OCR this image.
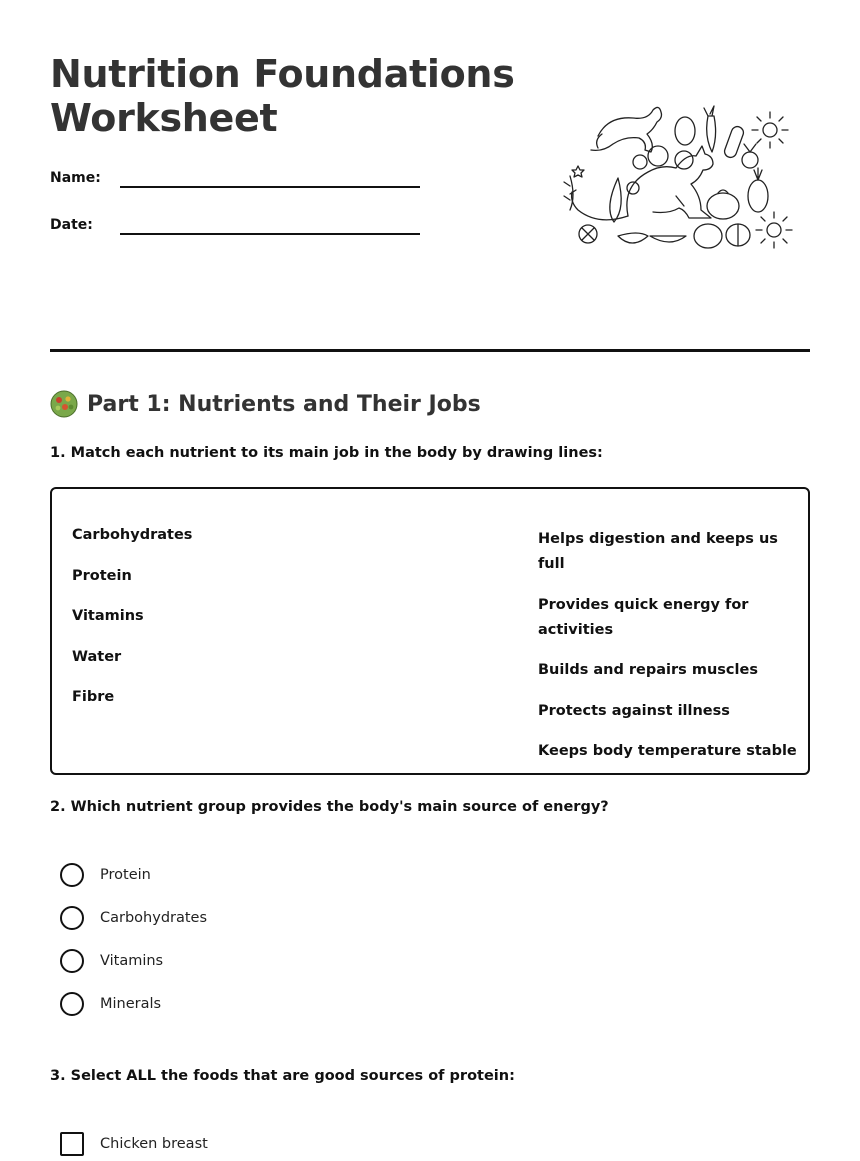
Nutrition Foundations Worksheet
Name:
Date:
Part 1: Nutrients and Their Jobs

1. Match each nutrient to its main job in the body by drawing lines:

Carbohydrates
Protein
Vitamins
Water
Fibre
Helps digestion and keeps us full
Provides quick energy for activities
Builds and repairs muscles
Protects against illness
Keeps body temperature stable

2. Which nutrient group provides the body's main source of energy?

Protein
Carbohydrates
Vitamins
Minerals

3. Select ALL the foods that are good sources of protein:

Chicken breast
